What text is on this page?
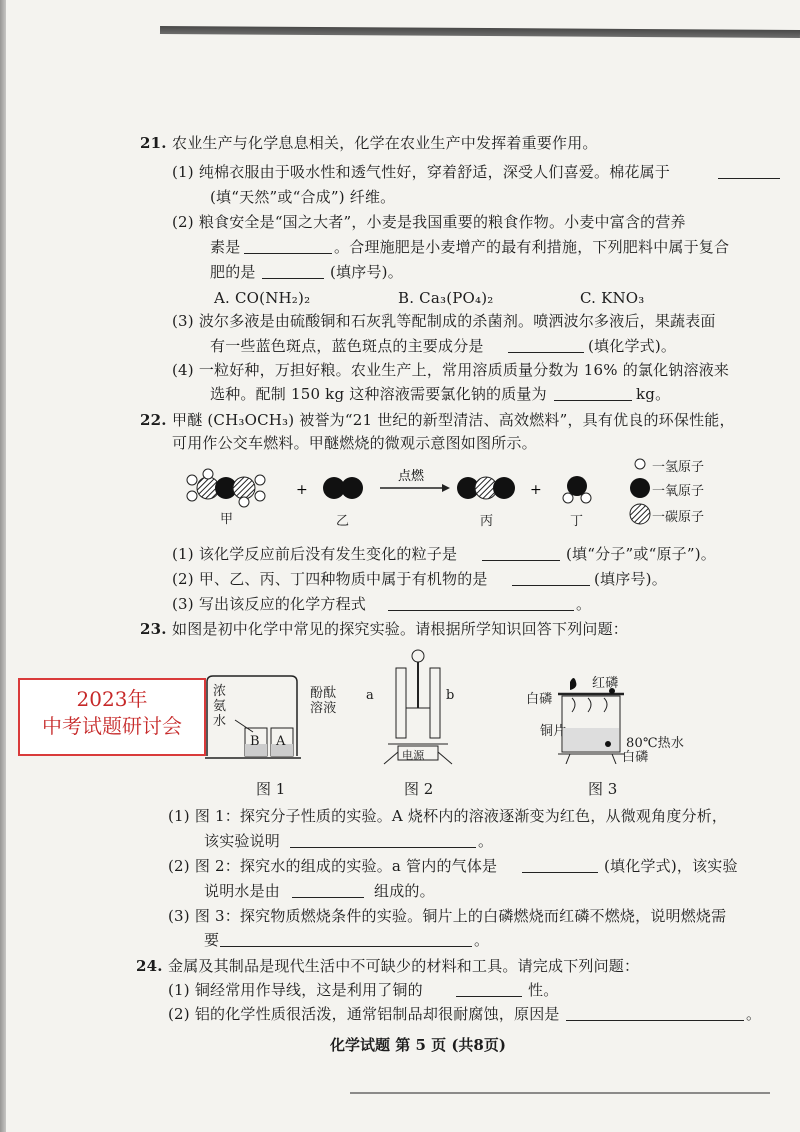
21. 农业生产与化学息息相关，化学在农业生产中发挥着重要作用。
(1) 纯棉衣服由于吸水性和透气性好，穿着舒适，深受人们喜爱。棉花属于
(填“天然”或“合成”) 纤维。
(2) 粮食安全是“国之大者”，小麦是我国重要的粮食作物。小麦中富含的营养
素是	。合理施肥是小麦增产的最有利措施，下列肥料中属于复合
肥的是	(填序号)。
A. CO(NH₂)₂	B. Ca₃(PO₄)₂	C. KNO₃
(3) 波尔多液是由硫酸铜和石灰乳等配制成的杀菌剂。喷洒波尔多液后，果蔬表面
有一些蓝色斑点，蓝色斑点的主要成分是	(填化学式)。
(4) 一粒好种，万担好粮。农业生产上，常用溶质质量分数为 16% 的氯化钠溶液来
选种。配制 150 kg 这种溶液需要氯化钠的质量为	kg。
22. 甲醚 (CH₃OCH₃) 被誉为“21 世纪的新型清洁、高效燃料”，具有优良的环保性能，
可用作公交车燃料。甲醚燃烧的微观示意图如图所示。
+
点燃
+
一氢原子
一氧原子
一碳原子
甲	乙	丙	丁
(1) 该化学反应前后没有发生变化的粒子是	(填“分子”或“原子”)。
(2) 甲、乙、丙、丁四种物质中属于有机物的是	(填序号)。
(3) 写出该反应的化学方程式	。
23. 如图是初中化学中常见的探究实验。请根据所学知识回答下列问题：
浓氨水
酚酞溶液
B A
图 1
a	b
电源
图 2
红磷
白磷
铜片
80℃热水
白磷
图 3
(1) 图 1：探究分子性质的实验。A 烧杯内的溶液逐渐变为红色，从微观角度分析，
该实验说明	。
(2) 图 2：探究水的组成的实验。a 管内的气体是	(填化学式)，该实验
说明水是由	组成的。
(3) 图 3：探究物质燃烧条件的实验。铜片上的白磷燃烧而红磷不燃烧，说明燃烧需
要	。
24. 金属及其制品是现代生活中不可缺少的材料和工具。请完成下列问题：
(1) 铜经常用作导线，这是利用了铜的	性。
(2) 铝的化学性质很活泼，通常铝制品却很耐腐蚀，原因是	。
2023年
中考试题研讨会
化学试题 第 5 页 (共8页)
